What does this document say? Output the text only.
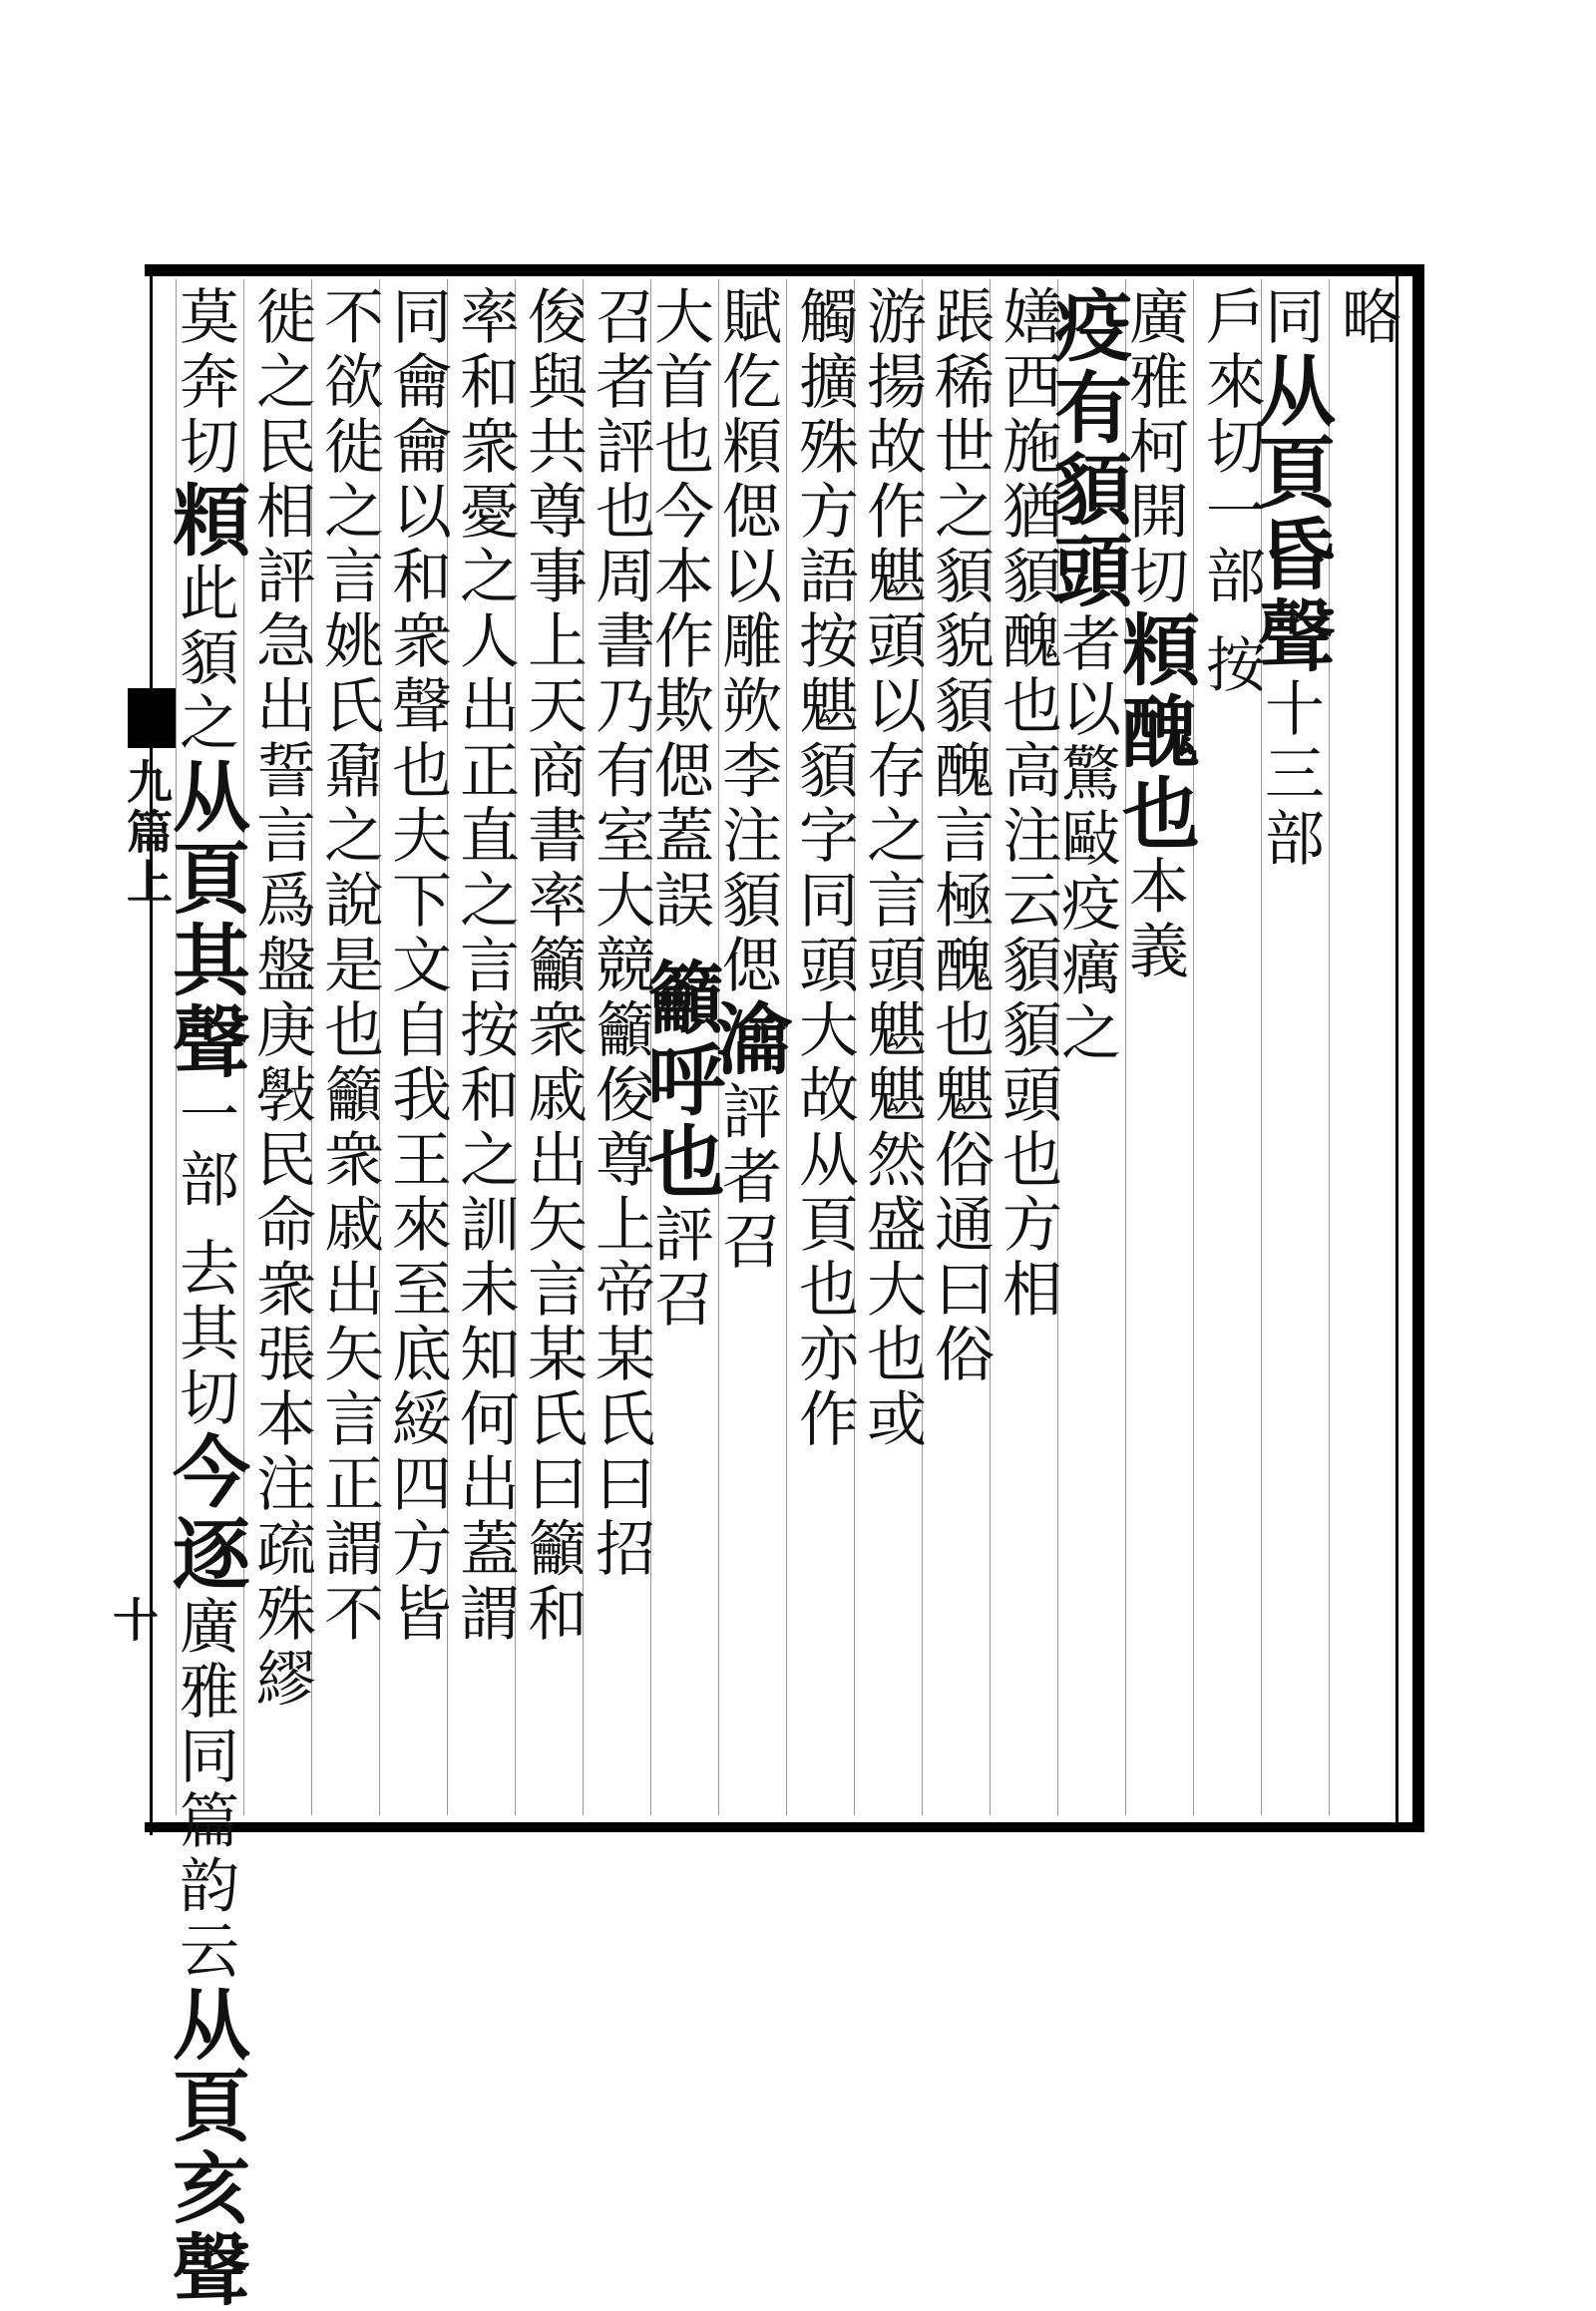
九篇上
十
略
同从頁昏聲十三部
戶來切一部 按
廣雅柯開切頪醜也本義
疫有䫉頭者以驚敺疫癘之
嫸西施猶䫉醜也高注云䫉䫉頭也方相
䠆稀世之䫉貌䫉醜言極醜也魌俗通曰俗
游揚故作魌頭以存之言頭魌魌然盛大也或
觸擴殊方語按魌䫉字同頭大故从頁也亦作
賦仡頪偲以雕欮李注䫉偲㵸評者召
大首也今本作欺偲蓋誤 籲呼也評召
召者評也周書乃有室大競籲俊尊上帝某氏曰招
俊與共尊事上天商書率籲衆戚出矢言某氏曰籲和
率和衆憂之人出正直之言按和之訓未知何出蓋謂
同龠龠以和衆聲也夫下文自我王來至底綏四方皆
不欲徙之言姚氏鼐之說是也籲衆戚出矢言正謂不
徙之民相評急出誓言爲盤庚斅民命衆張本注疏殊繆
莫奔切頪此䫉之从頁其聲一部 去其切今逐廣雅同篇韵云从頁亥聲
